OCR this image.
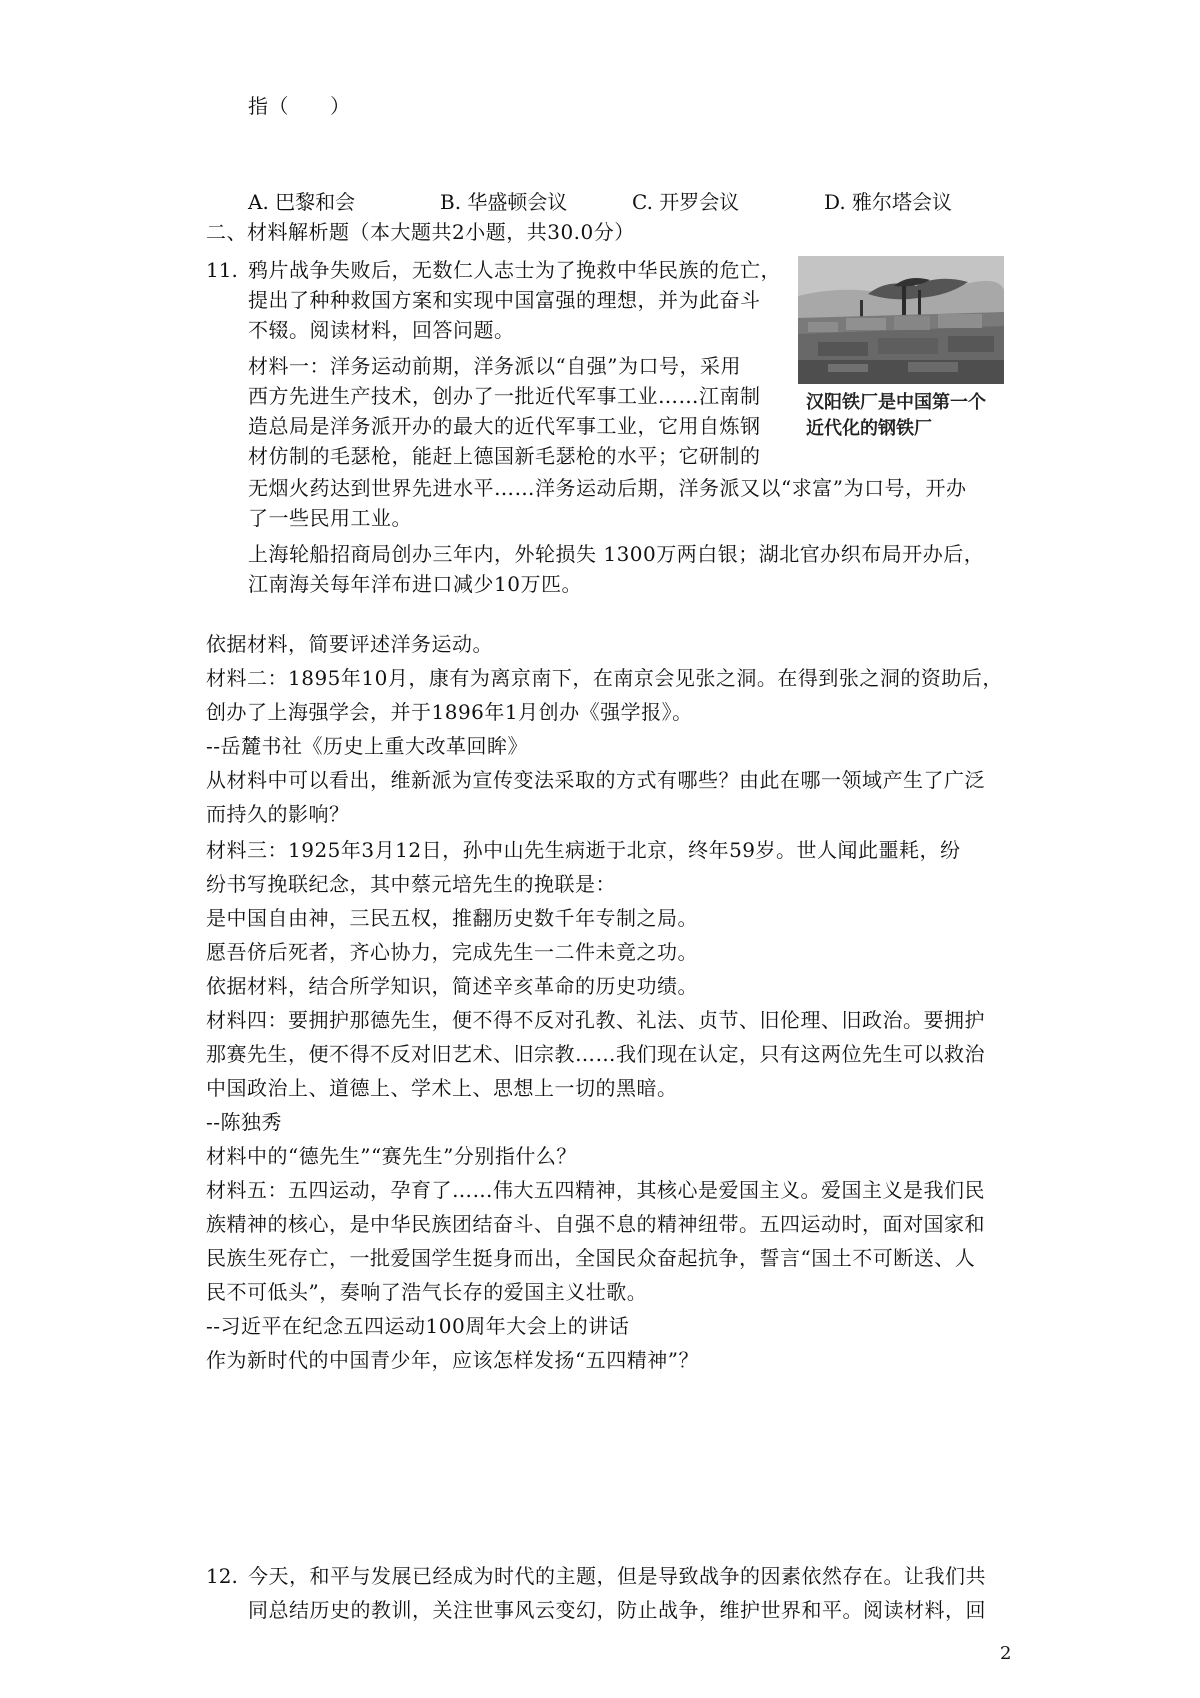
指（　　）
A. 巴黎和会	B. 华盛顿会议	C. 开罗会议	D. 雅尔塔会议
二、材料解析题（本大题共2小题，共30.0分）
11. 鸦片战争失败后，无数仁人志士为了挽救中华民族的危亡，
提出了种种救国方案和实现中国富强的理想，并为此奋斗
不辍。阅读材料，回答问题。
材料一：洋务运动前期，洋务派以“自强”为口号，采用
西方先进生产技术，创办了一批近代军事工业……江南制
造总局是洋务派开办的最大的近代军事工业，它用自炼钢
材仿制的毛瑟枪，能赶上德国新毛瑟枪的水平；它研制的
无烟火药达到世界先进水平……洋务运动后期，洋务派又以“求富”为口号，开办
了一些民用工业。
上海轮船招商局创办三年内，外轮损失 1300万两白银；湖北官办织布局开办后，
江南海关每年洋布进口减少10万匹。
汉阳铁厂是中国第一个近代化的钢铁厂
依据材料，简要评述洋务运动。
材料二：1895年10月，康有为离京南下，在南京会见张之洞。在得到张之洞的资助后，
创办了上海强学会，并于1896年1月创办《强学报》。
--岳麓书社《历史上重大改革回眸》
从材料中可以看出，维新派为宣传变法采取的方式有哪些？由此在哪一领域产生了广泛
而持久的影响？
材料三：1925年3月12日，孙中山先生病逝于北京，终年59岁。世人闻此噩耗，纷
纷书写挽联纪念，其中蔡元培先生的挽联是：
是中国自由神，三民五权，推翻历史数千年专制之局。
愿吾侪后死者，齐心协力，完成先生一二件未竟之功。
依据材料，结合所学知识，简述辛亥革命的历史功绩。
材料四：要拥护那德先生，便不得不反对孔教、礼法、贞节、旧伦理、旧政治。要拥护
那赛先生，便不得不反对旧艺术、旧宗教……我们现在认定，只有这两位先生可以救治
中国政治上、道德上、学术上、思想上一切的黑暗。
--陈独秀
材料中的“德先生”“赛先生”分别指什么？
材料五：五四运动，孕育了……伟大五四精神，其核心是爱国主义。爱国主义是我们民
族精神的核心，是中华民族团结奋斗、自强不息的精神纽带。五四运动时，面对国家和
民族生死存亡，一批爱国学生挺身而出，全国民众奋起抗争，誓言“国土不可断送、人
民不可低头”，奏响了浩气长存的爱国主义壮歌。
--习近平在纪念五四运动100周年大会上的讲话
作为新时代的中国青少年，应该怎样发扬“五四精神”？
12. 今天，和平与发展已经成为时代的主题，但是导致战争的因素依然存在。让我们共
同总结历史的教训，关注世事风云变幻，防止战争，维护世界和平。阅读材料，回
2
